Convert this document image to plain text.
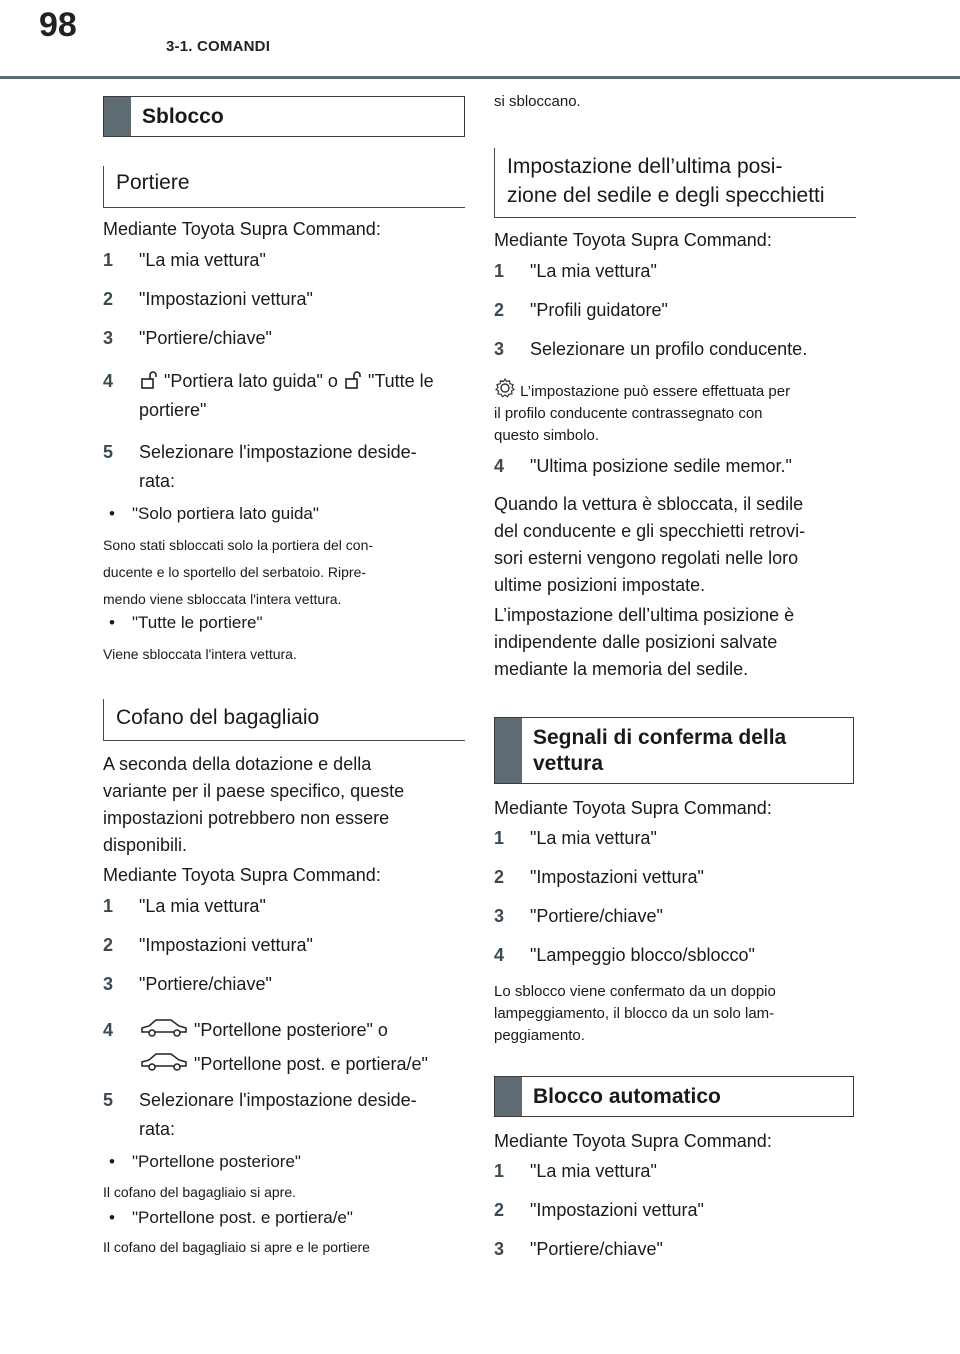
98
3-1. COMANDI
Sblocco
Portiere
Mediante Toyota Supra Command:
1	"La mia vettura"
2	"Impostazioni vettura"
3	"Portiere/chiave"
4	"Portiera lato guida" o "Tutte le
portiere"
5	Selezionare l'impostazione deside-
rata:
•	"Solo portiera lato guida"
Sono stati sbloccati solo la portiera del con-
ducente e lo sportello del serbatoio. Ripre-
mendo viene sbloccata l'intera vettura.
•	"Tutte le portiere"
Viene sbloccata l'intera vettura.
Cofano del bagagliaio
A seconda della dotazione e della
variante per il paese specifico, queste
impostazioni potrebbero non essere
disponibili.
Mediante Toyota Supra Command:
1	"La mia vettura"
2	"Impostazioni vettura"
3	"Portiere/chiave"
4	"Portellone posteriore" o
"Portellone post. e portiera/e"
5	Selezionare l'impostazione deside-
rata:
•	"Portellone posteriore"
Il cofano del bagagliaio si apre.
•	"Portellone post. e portiera/e"
Il cofano del bagagliaio si apre e le portiere
si sbloccano.
Impostazione dell’ultima posi-
zione del sedile e degli specchietti
Mediante Toyota Supra Command:
1	"La mia vettura"
2	"Profili guidatore"
3	Selezionare un profilo conducente.
L’impostazione può essere effettuata per
il profilo conducente contrassegnato con
questo simbolo.
4	"Ultima posizione sedile memor."
Quando la vettura è sbloccata, il sedile
del conducente e gli specchietti retrovi-
sori esterni vengono regolati nelle loro
ultime posizioni impostate.
L’impostazione dell’ultima posizione è
indipendente dalle posizioni salvate
mediante la memoria del sedile.
Segnali di conferma della
vettura
Mediante Toyota Supra Command:
1	"La mia vettura"
2	"Impostazioni vettura"
3	"Portiere/chiave"
4	"Lampeggio blocco/sblocco"
Lo sblocco viene confermato da un doppio
lampeggiamento, il blocco da un solo lam-
peggiamento.
Blocco automatico
Mediante Toyota Supra Command:
1	"La mia vettura"
2	"Impostazioni vettura"
3	"Portiere/chiave"
